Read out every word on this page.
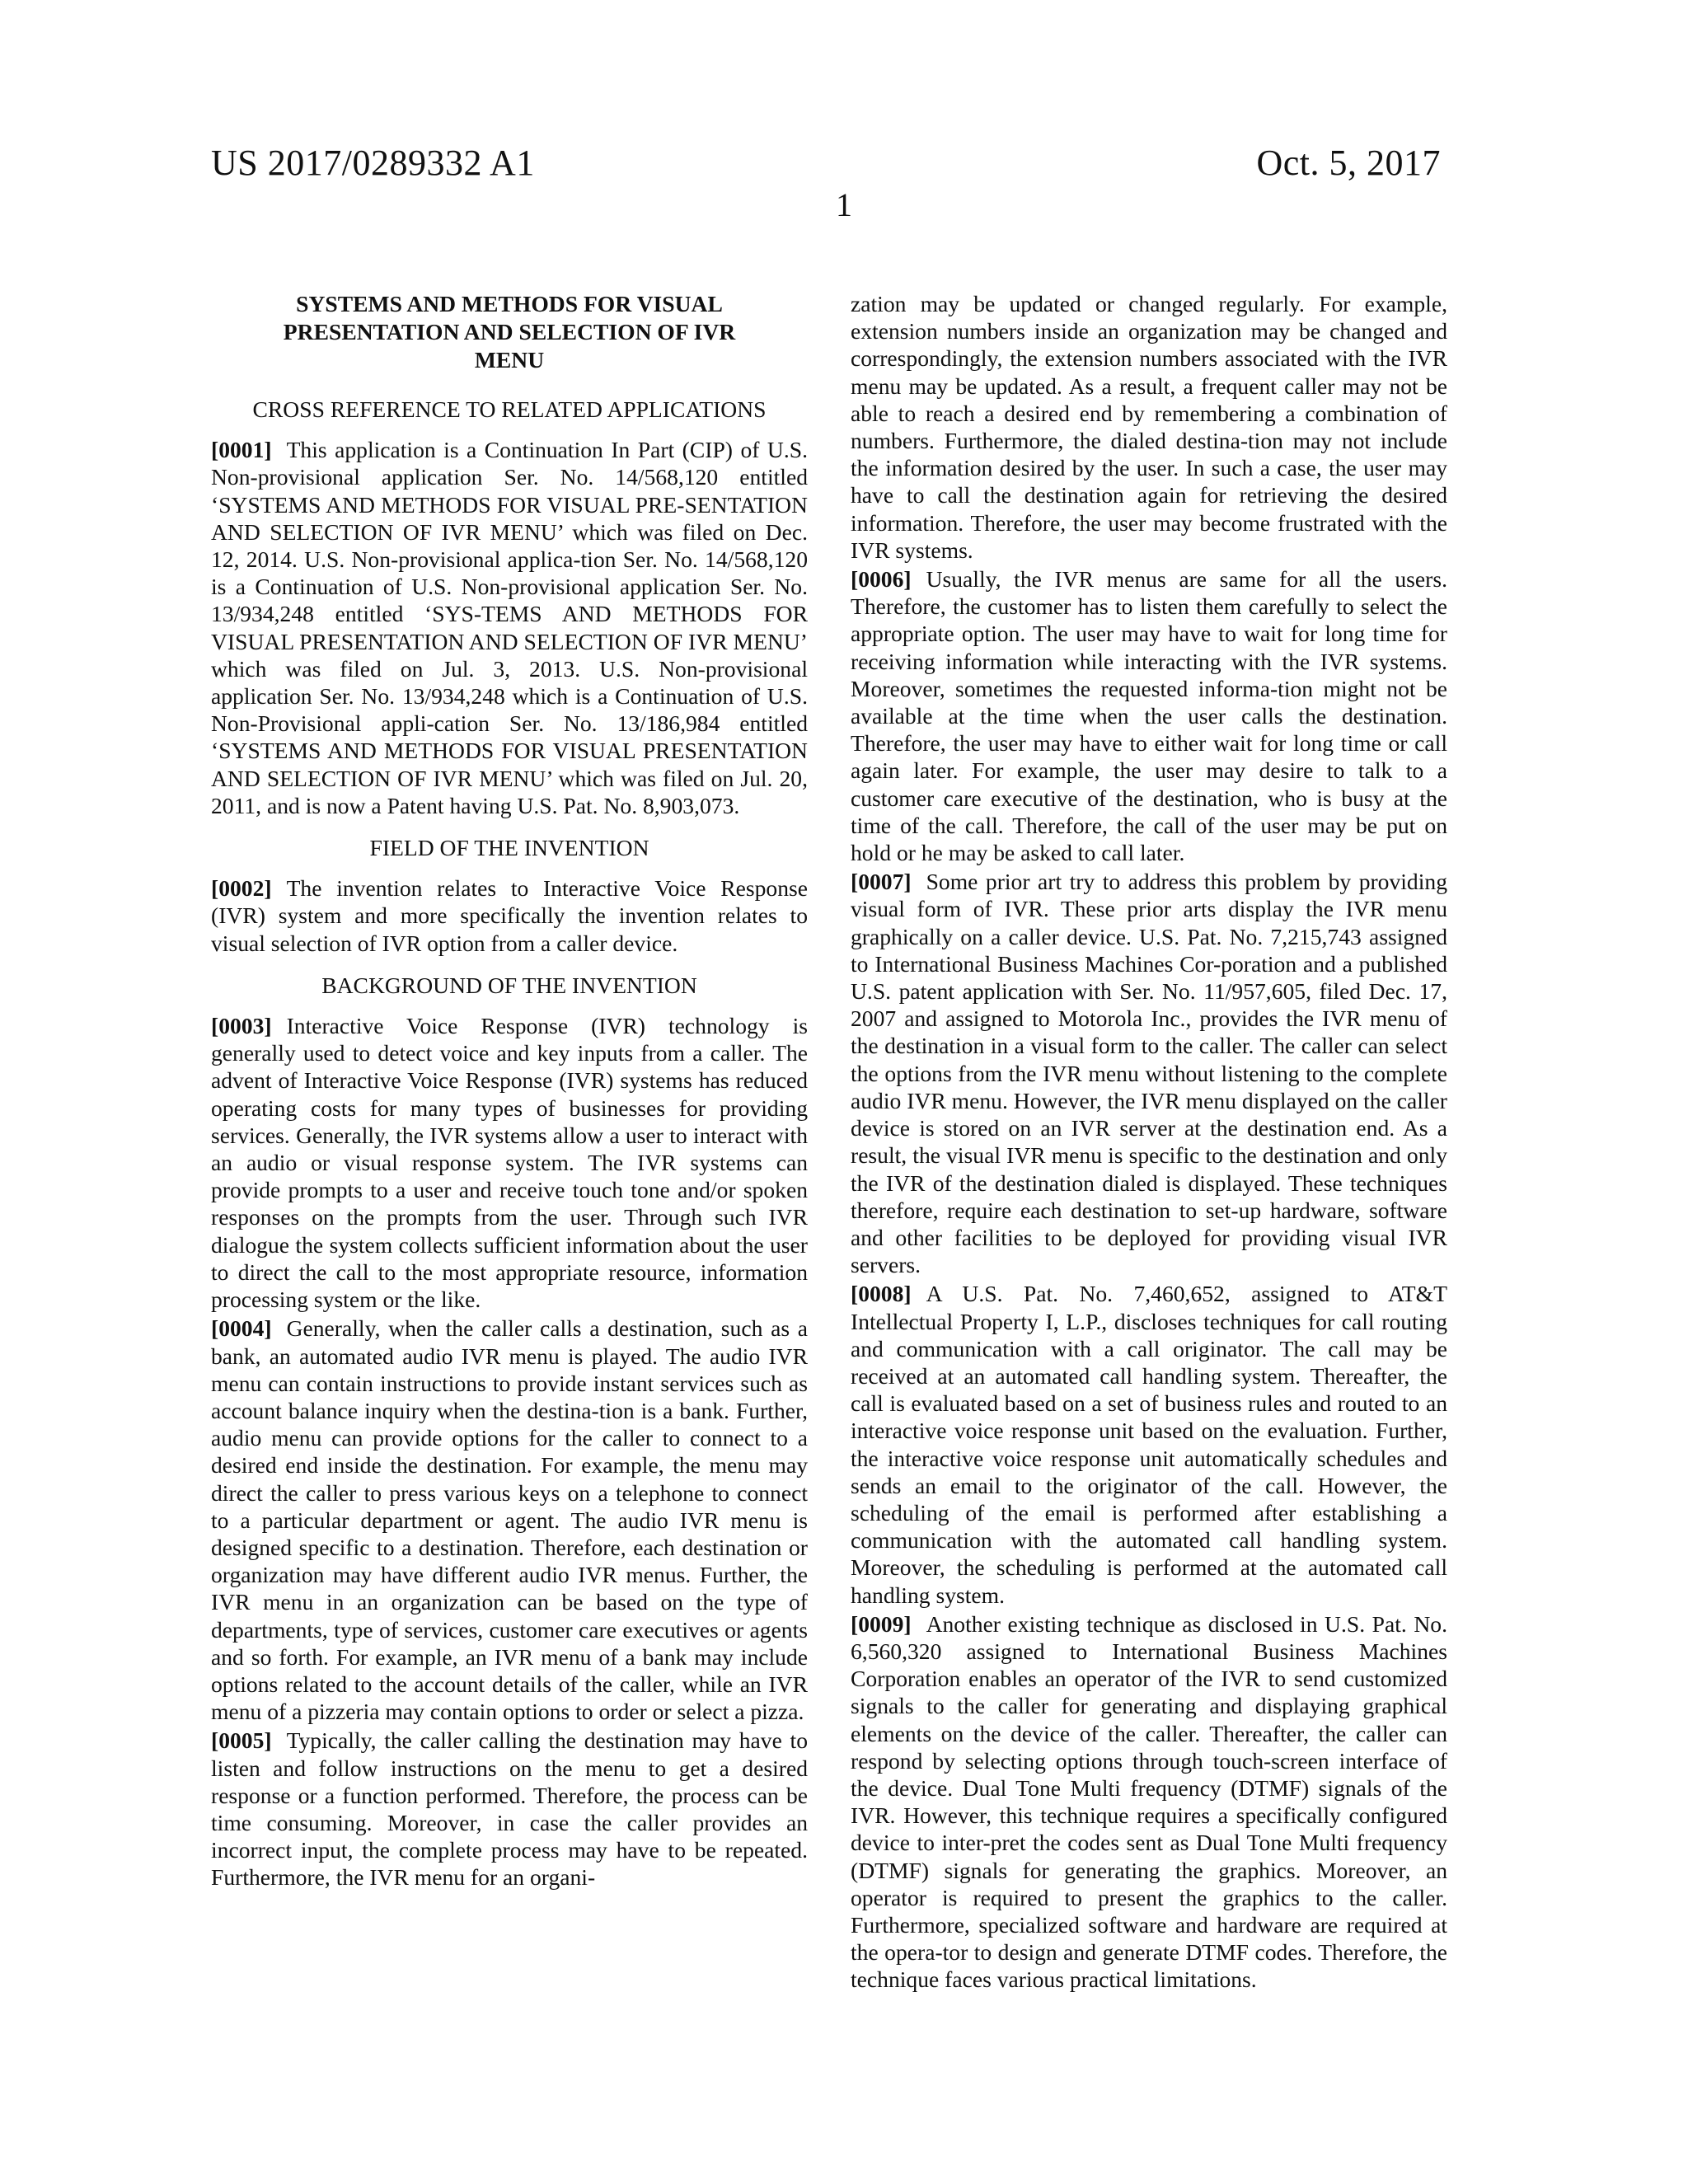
US 2017/0289332 A1	Oct. 5, 2017
1
SYSTEMS AND METHODS FOR VISUAL PRESENTATION AND SELECTION OF IVR MENU
CROSS REFERENCE TO RELATED APPLICATIONS
[0001] This application is a Continuation In Part (CIP) of U.S. Non-provisional application Ser. No. 14/568,120 entitled ‘SYSTEMS AND METHODS FOR VISUAL PRE-SENTATION AND SELECTION OF IVR MENU’ which was filed on Dec. 12, 2014. U.S. Non-provisional applica-tion Ser. No. 14/568,120 is a Continuation of U.S. Non-provisional application Ser. No. 13/934,248 entitled ‘SYS-TEMS AND METHODS FOR VISUAL PRESENTATION AND SELECTION OF IVR MENU’ which was filed on Jul. 3, 2013. U.S. Non-provisional application Ser. No. 13/934,248 which is a Continuation of U.S. Non-Provisional appli-cation Ser. No. 13/186,984 entitled ‘SYSTEMS AND METHODS FOR VISUAL PRESENTATION AND SELECTION OF IVR MENU’ which was filed on Jul. 20, 2011, and is now a Patent having U.S. Pat. No. 8,903,073.
FIELD OF THE INVENTION
[0002] The invention relates to Interactive Voice Response (IVR) system and more specifically the invention relates to visual selection of IVR option from a caller device.
BACKGROUND OF THE INVENTION
[0003] Interactive Voice Response (IVR) technology is generally used to detect voice and key inputs from a caller. The advent of Interactive Voice Response (IVR) systems has reduced operating costs for many types of businesses for providing services. Generally, the IVR systems allow a user to interact with an audio or visual response system. The IVR systems can provide prompts to a user and receive touch tone and/or spoken responses on the prompts from the user. Through such IVR dialogue the system collects sufficient information about the user to direct the call to the most appropriate resource, information processing system or the like.
[0004] Generally, when the caller calls a destination, such as a bank, an automated audio IVR menu is played. The audio IVR menu can contain instructions to provide instant services such as account balance inquiry when the destina-tion is a bank. Further, audio menu can provide options for the caller to connect to a desired end inside the destination. For example, the menu may direct the caller to press various keys on a telephone to connect to a particular department or agent. The audio IVR menu is designed specific to a destination. Therefore, each destination or organization may have different audio IVR menus. Further, the IVR menu in an organization can be based on the type of departments, type of services, customer care executives or agents and so forth. For example, an IVR menu of a bank may include options related to the account details of the caller, while an IVR menu of a pizzeria may contain options to order or select a pizza.
[0005] Typically, the caller calling the destination may have to listen and follow instructions on the menu to get a desired response or a function performed. Therefore, the process can be time consuming. Moreover, in case the caller provides an incorrect input, the complete process may have to be repeated. Furthermore, the IVR menu for an organi-
zation may be updated or changed regularly. For example, extension numbers inside an organization may be changed and correspondingly, the extension numbers associated with the IVR menu may be updated. As a result, a frequent caller may not be able to reach a desired end by remembering a combination of numbers. Furthermore, the dialed destina-tion may not include the information desired by the user. In such a case, the user may have to call the destination again for retrieving the desired information. Therefore, the user may become frustrated with the IVR systems.
[0006] Usually, the IVR menus are same for all the users. Therefore, the customer has to listen them carefully to select the appropriate option. The user may have to wait for long time for receiving information while interacting with the IVR systems. Moreover, sometimes the requested informa-tion might not be available at the time when the user calls the destination. Therefore, the user may have to either wait for long time or call again later. For example, the user may desire to talk to a customer care executive of the destination, who is busy at the time of the call. Therefore, the call of the user may be put on hold or he may be asked to call later.
[0007] Some prior art try to address this problem by providing visual form of IVR. These prior arts display the IVR menu graphically on a caller device. U.S. Pat. No. 7,215,743 assigned to International Business Machines Cor-poration and a published U.S. patent application with Ser. No. 11/957,605, filed Dec. 17, 2007 and assigned to Motorola Inc., provides the IVR menu of the destination in a visual form to the caller. The caller can select the options from the IVR menu without listening to the complete audio IVR menu. However, the IVR menu displayed on the caller device is stored on an IVR server at the destination end. As a result, the visual IVR menu is specific to the destination and only the IVR of the destination dialed is displayed. These techniques therefore, require each destination to set-up hardware, software and other facilities to be deployed for providing visual IVR servers.
[0008] A U.S. Pat. No. 7,460,652, assigned to AT&T Intellectual Property I, L.P., discloses techniques for call routing and communication with a call originator. The call may be received at an automated call handling system. Thereafter, the call is evaluated based on a set of business rules and routed to an interactive voice response unit based on the evaluation. Further, the interactive voice response unit automatically schedules and sends an email to the originator of the call. However, the scheduling of the email is performed after establishing a communication with the automated call handling system. Moreover, the scheduling is performed at the automated call handling system.
[0009] Another existing technique as disclosed in U.S. Pat. No. 6,560,320 assigned to International Business Machines Corporation enables an operator of the IVR to send customized signals to the caller for generating and displaying graphical elements on the device of the caller. Thereafter, the caller can respond by selecting options through touch-screen interface of the device. Dual Tone Multi frequency (DTMF) signals of the IVR. However, this technique requires a specifically configured device to inter-pret the codes sent as Dual Tone Multi frequency (DTMF) signals for generating the graphics. Moreover, an operator is required to present the graphics to the caller. Furthermore, specialized software and hardware are required at the opera-tor to design and generate DTMF codes. Therefore, the technique faces various practical limitations.
